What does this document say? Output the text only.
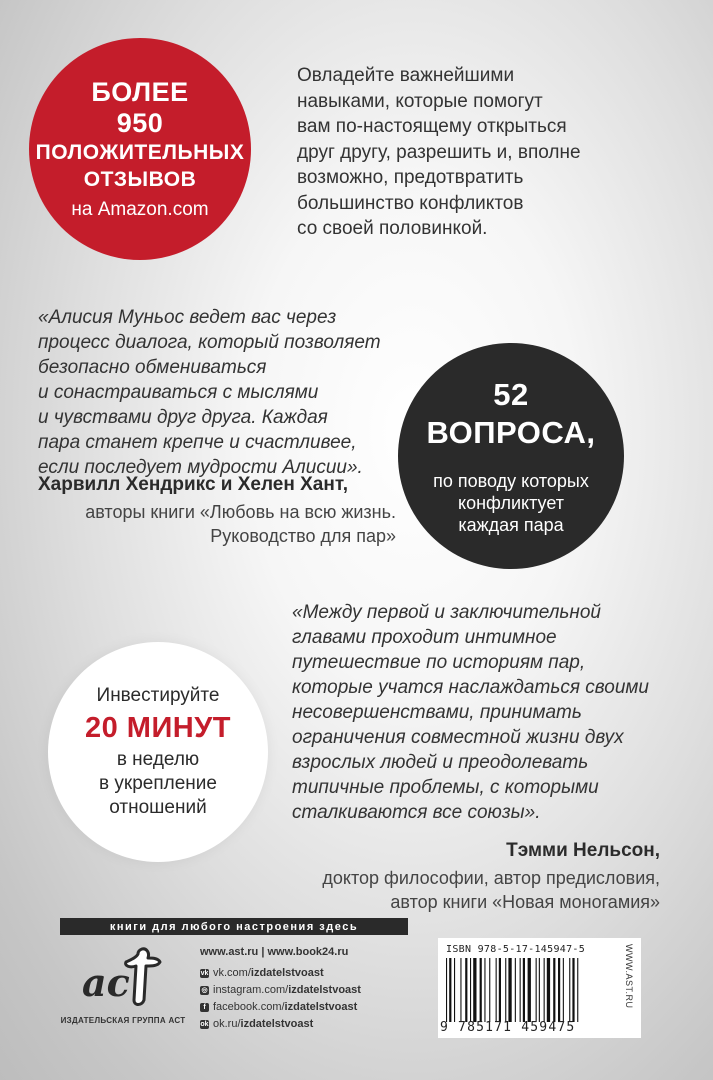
БОЛЕЕ
950
ПОЛОЖИТЕЛЬНЫХ
ОТЗЫВОВ
на Amazon.com
Овладейте важнейшими
навыками, которые помогут
вам по-настоящему открыться
друг другу, разрешить и, вполне
возможно, предотвратить
большинство конфликтов
со своей половинкой.
«Алисия Муньос ведет вас через
процесс диалога, который позволяет
безопасно обмениваться
и сонастраиваться с мыслями
и чувствами друг друга. Каждая
пара станет крепче и счастливее,
если последует мудрости Алисии».
Харвилл Хендрикс и Хелен Хант,
авторы книги «Любовь на всю жизнь.
Руководство для пар»
52
ВОПРОСА,
по поводу которых
конфликтует
каждая пара
Инвестируйте
20 МИНУТ
в неделю
в укрепление
отношений
«Между первой и заключительной
главами проходит интимное
путешествие по историям пар,
которые учатся наслаждаться своими
несовершенствами, принимать
ограничения совместной жизни двух
взрослых людей и преодолевать
типичные проблемы, с которыми
сталкиваются все союзы».
Тэмми Нельсон,
доктор философии, автор предисловия,
автор книги «Новая моногамия»
книги для любого настроения здесь
ac
ИЗДАТЕЛЬСКАЯ ГРУППА АСТ
www.ast.ru | www.book24.ru
vk vk.com/ izdatelstvoast
◎ instagram.com/ izdatelstvoast
f facebook.com/ izdatelstvoast
ok ok.ru/ izdatelstvoast
ISBN 978-5-17-145947-5
9 785171 459475
WWW.AST.RU
